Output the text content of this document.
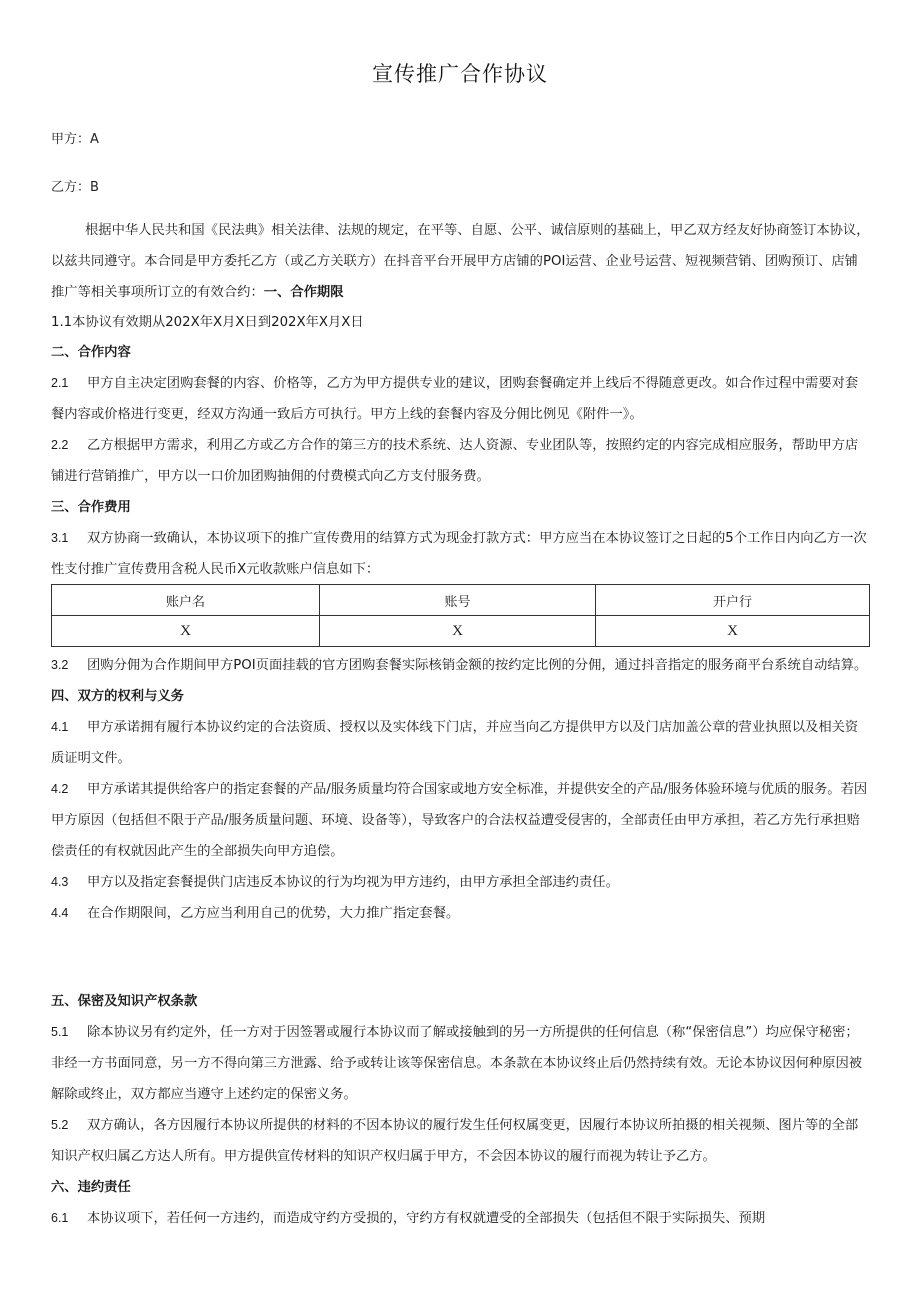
宣传推广合作协议
甲方：A
乙方：B

根据中华人民共和国《民法典》相关法律、法规的规定，在平等、自愿、公平、诚信原则的基础上，甲乙双方经友好协商签订本协议，以兹共同遵守。本合同是甲方委托乙方（或乙方关联方）在抖音平台开展甲方店铺的POI运营、企业号运营、短视频营销、团购预订、店铺推广等相关事项所订立的有效合约：一、合作期限

1.1本协议有效期从202X年X月X日到202X年X月X日

二、合作内容

2.1 甲方自主决定团购套餐的内容、价格等，乙方为甲方提供专业的建议，团购套餐确定并上线后不得随意更改。如合作过程中需要对套餐内容或价格进行变更，经双方沟通一致后方可执行。甲方上线的套餐内容及分佣比例见《附件一》。

2.2 乙方根据甲方需求，利用乙方或乙方合作的第三方的技术系统、达人资源、专业团队等，按照约定的内容完成相应服务，帮助甲方店铺进行营销推广，甲方以一口价加团购抽佣的付费模式向乙方支付服务费。

三、合作费用

3.1 双方协商一致确认，本协议项下的推广宣传费用的结算方式为现金打款方式：甲方应当在本协议签订之日起的5个工作日内向乙方一次性支付推广宣传费用含税人民币X元收款账户信息如下：

账户名	账号	开户行
X	X	X

3.2 团购分佣为合作期间甲方POI页面挂载的官方团购套餐实际核销金额的按约定比例的分佣，通过抖音指定的服务商平台系统自动结算。

四、双方的权利与义务

4.1 甲方承诺拥有履行本协议约定的合法资质、授权以及实体线下门店，并应当向乙方提供甲方以及门店加盖公章的营业执照以及相关资质证明文件。

4.2 甲方承诺其提供给客户的指定套餐的产品/服务质量均符合国家或地方安全标准，并提供安全的产品/服务体验环境与优质的服务。若因甲方原因（包括但不限于产品/服务质量问题、环境、设备等），导致客户的合法权益遭受侵害的，全部责任由甲方承担，若乙方先行承担赔偿责任的有权就因此产生的全部损失向甲方追偿。

4.3 甲方以及指定套餐提供门店违反本协议的行为均视为甲方违约，由甲方承担全部违约责任。

4.4 在合作期限间，乙方应当利用自己的优势，大力推广指定套餐。

五、保密及知识产权条款

5.1 除本协议另有约定外，任一方对于因签署或履行本协议而了解或接触到的另一方所提供的任何信息（称“保密信息”）均应保守秘密；非经一方书面同意，另一方不得向第三方泄露、给予或转让该等保密信息。本条款在本协议终止后仍然持续有效。无论本协议因何种原因被解除或终止，双方都应当遵守上述约定的保密义务。

5.2 双方确认，各方因履行本协议所提供的材料的不因本协议的履行发生任何权属变更，因履行本协议所拍摄的相关视频、图片等的全部知识产权归属乙方达人所有。甲方提供宣传材料的知识产权归属于甲方，不会因本协议的履行而视为转让予乙方。

六、违约责任

6.1 本协议项下，若任何一方违约，而造成守约方受损的，守约方有权就遭受的全部损失（包括但不限于实际损失、预期
